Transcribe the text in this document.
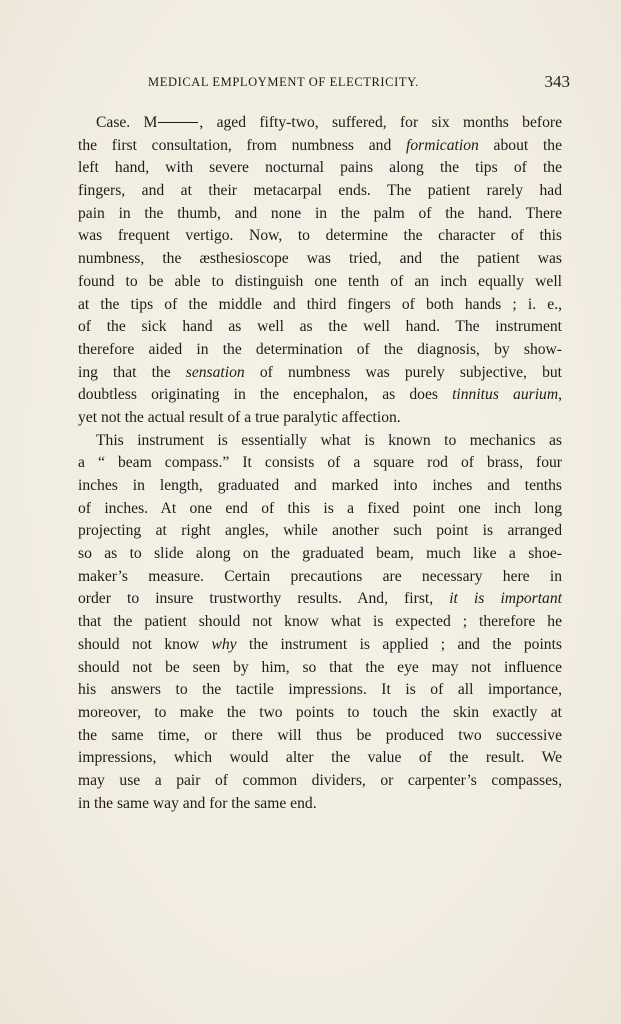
MEDICAL EMPLOYMENT OF ELECTRICITY.	343
Case. M	, aged fifty-two, suffered, for six months before
the first consultation, from numbness and formication about the
left hand, with severe nocturnal pains along the tips of the
fingers, and at their metacarpal ends. The patient rarely had
pain in the thumb, and none in the palm of the hand. There
was frequent vertigo. Now, to determine the character of this
numbness, the æsthesioscope was tried, and the patient was
found to be able to distinguish one tenth of an inch equally well
at the tips of the middle and third fingers of both hands ; i. e.,
of the sick hand as well as the well hand. The instrument
therefore aided in the determination of the diagnosis, by show-
ing that the sensation of numbness was purely subjective, but
doubtless originating in the encephalon, as does tinnitus aurium,
yet not the actual result of a true paralytic affection.
This instrument is essentially what is known to mechanics as
a “ beam compass.” It consists of a square rod of brass, four
inches in length, graduated and marked into inches and tenths
of inches. At one end of this is a fixed point one inch long
projecting at right angles, while another such point is arranged
so as to slide along on the graduated beam, much like a shoe-
maker’s measure. Certain precautions are necessary here in
order to insure trustworthy results. And, first, it is important
that the patient should not know what is expected ; therefore he
should not know why the instrument is applied ; and the points
should not be seen by him, so that the eye may not influence
his answers to the tactile impressions. It is of all importance,
moreover, to make the two points to touch the skin exactly at
the same time, or there will thus be produced two successive
impressions, which would alter the value of the result. We
may use a pair of common dividers, or carpenter’s compasses,
in the same way and for the same end.
